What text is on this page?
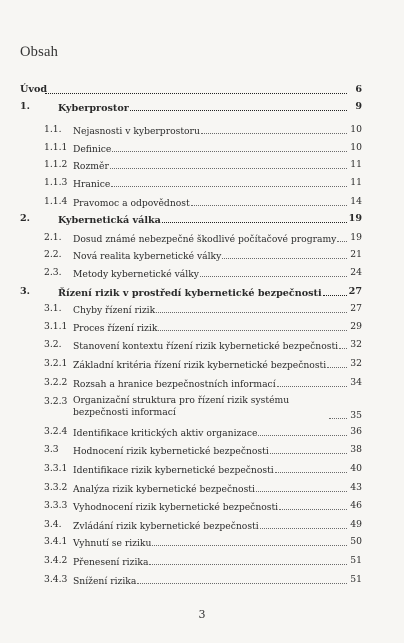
Obsah
Úvod	6
1.	Kyberprostor	9
1.1. Nejasnosti v kyberprostoru	10
1.1.1 Definice	10
1.1.2 Rozměr	11
1.1.3 Hranice	11
1.1.4 Pravomoc a odpovědnost	14
2.	Kybernetická válka	19
2.1. Dosud známé nebezpečné škodlivé počítačové programy 19
2.2. Nová realita kybernetické války	21
2.3. Metody kybernetické války	24
3.	Řízení rizik v prostředí kybernetické bezpečnosti	27
3.1. Chyby řízení rizik	27
3.1.1 Proces řízení rizik	29
3.2. Stanovení kontextu řízení rizik kybernetické bezpečnosti 32
3.2.1 Základní kritéria řízení rizik kybernetické bezpečnosti	32
3.2.2 Rozsah a hranice bezpečnostních informací	34
3.2.3 Organizační struktura pro řízení rizik systému bezpečnosti informací	35
3.2.4 Identifikace kritických aktiv organizace	36
3.3 Hodnocení rizik kybernetické bezpečnosti	38
3.3.1 Identifikace rizik kybernetické bezpečnosti	40
3.3.2 Analýza rizik kybernetické bezpečnosti	43
3.3.3 Vyhodnocení rizik kybernetické bezpečnosti	46
3.4. Zvládání rizik kybernetické bezpečnosti	49
3.4.1 Vyhnutí se riziku	50
3.4.2 Přenesení rizika	51
3.4.3 Snížení rizika	51
3
